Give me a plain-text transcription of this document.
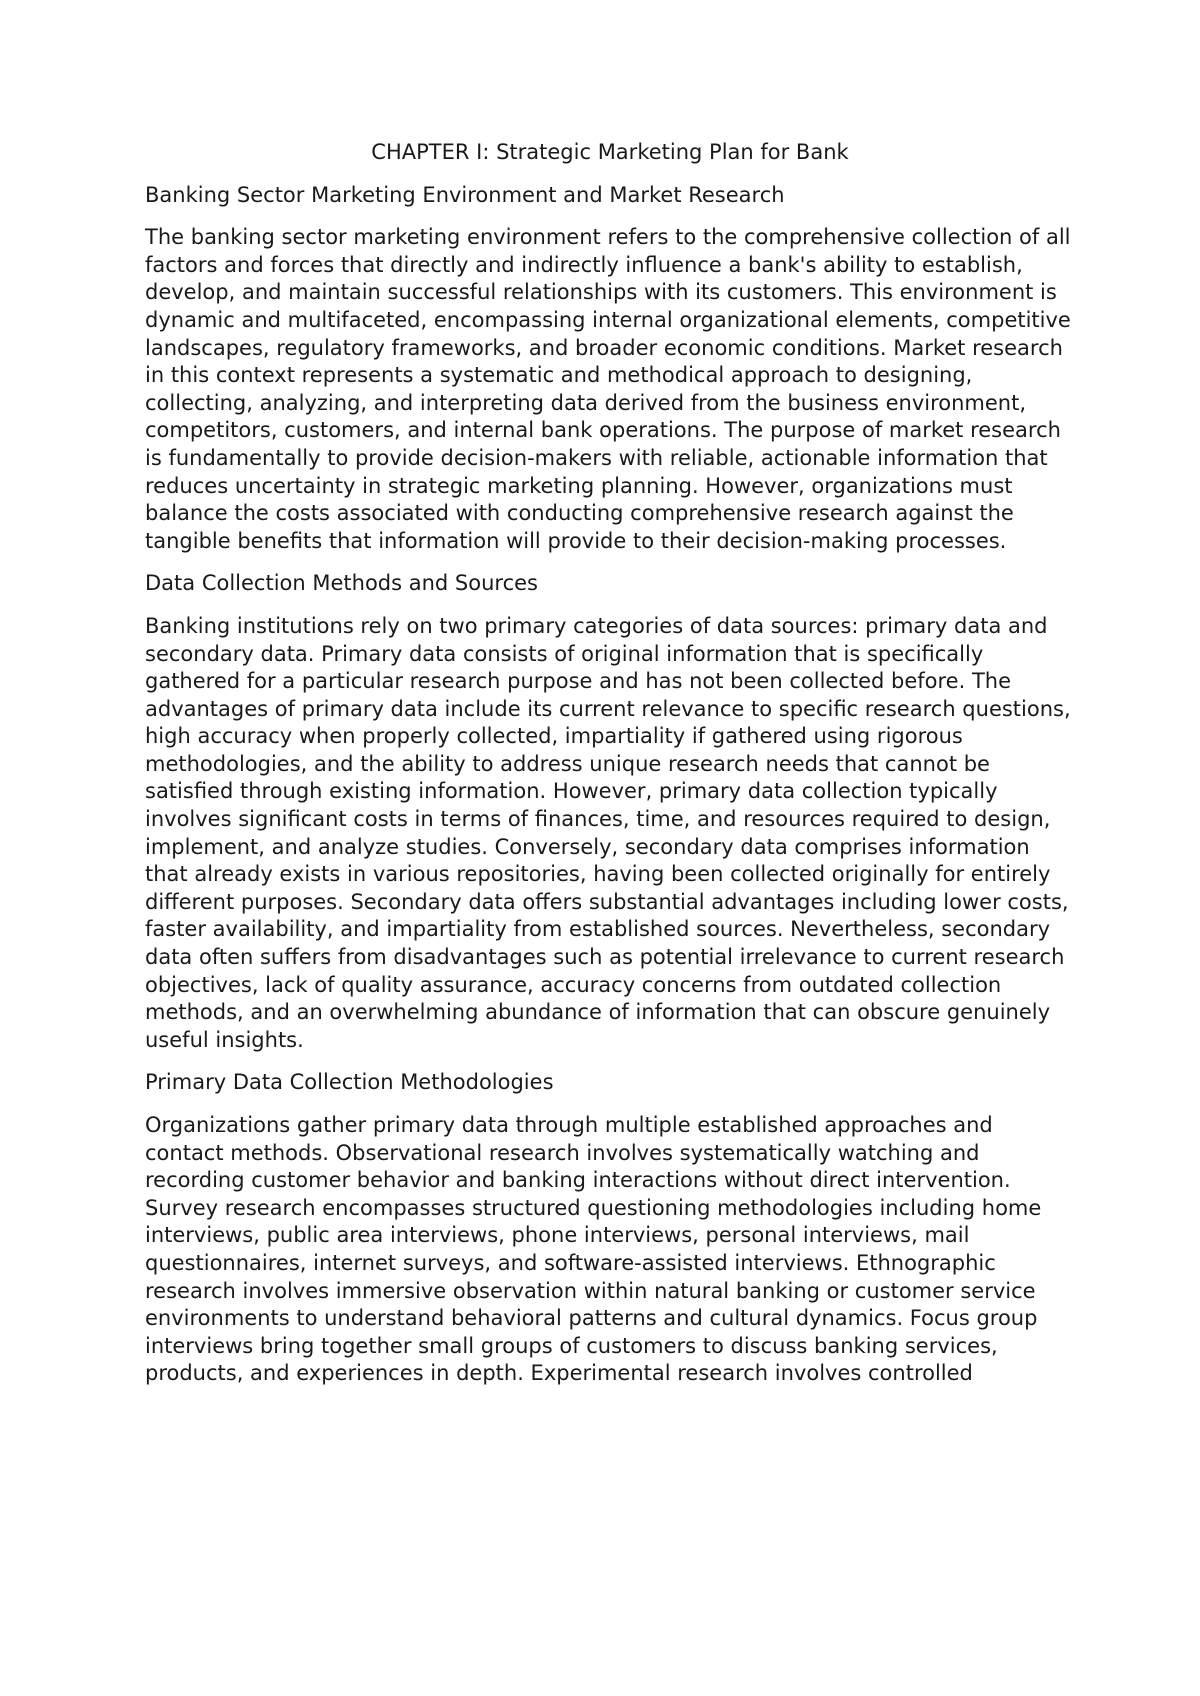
CHAPTER I: Strategic Marketing Plan for Bank
Banking Sector Marketing Environment and Market Research

The banking sector marketing environment refers to the comprehensive collection of all factors and forces that directly and indirectly influence a bank's ability to establish, develop, and maintain successful relationships with its customers. This environment is dynamic and multifaceted, encompassing internal organizational elements, competitive landscapes, regulatory frameworks, and broader economic conditions. Market research in this context represents a systematic and methodical approach to designing, collecting, analyzing, and interpreting data derived from the business environment, competitors, customers, and internal bank operations. The purpose of market research is fundamentally to provide decision-makers with reliable, actionable information that reduces uncertainty in strategic marketing planning. However, organizations must balance the costs associated with conducting comprehensive research against the tangible benefits that information will provide to their decision-making processes.

Data Collection Methods and Sources

Banking institutions rely on two primary categories of data sources: primary data and secondary data. Primary data consists of original information that is specifically gathered for a particular research purpose and has not been collected before. The advantages of primary data include its current relevance to specific research questions, high accuracy when properly collected, impartiality if gathered using rigorous methodologies, and the ability to address unique research needs that cannot be satisfied through existing information. However, primary data collection typically involves significant costs in terms of finances, time, and resources required to design, implement, and analyze studies. Conversely, secondary data comprises information that already exists in various repositories, having been collected originally for entirely different purposes. Secondary data offers substantial advantages including lower costs, faster availability, and impartiality from established sources. Nevertheless, secondary data often suffers from disadvantages such as potential irrelevance to current research objectives, lack of quality assurance, accuracy concerns from outdated collection methods, and an overwhelming abundance of information that can obscure genuinely useful insights.

Primary Data Collection Methodologies

Organizations gather primary data through multiple established approaches and contact methods. Observational research involves systematically watching and recording customer behavior and banking interactions without direct intervention. Survey research encompasses structured questioning methodologies including home interviews, public area interviews, phone interviews, personal interviews, mail questionnaires, internet surveys, and software-assisted interviews. Ethnographic research involves immersive observation within natural banking or customer service environments to understand behavioral patterns and cultural dynamics. Focus group interviews bring together small groups of customers to discuss banking services, products, and experiences in depth. Experimental research involves controlled
